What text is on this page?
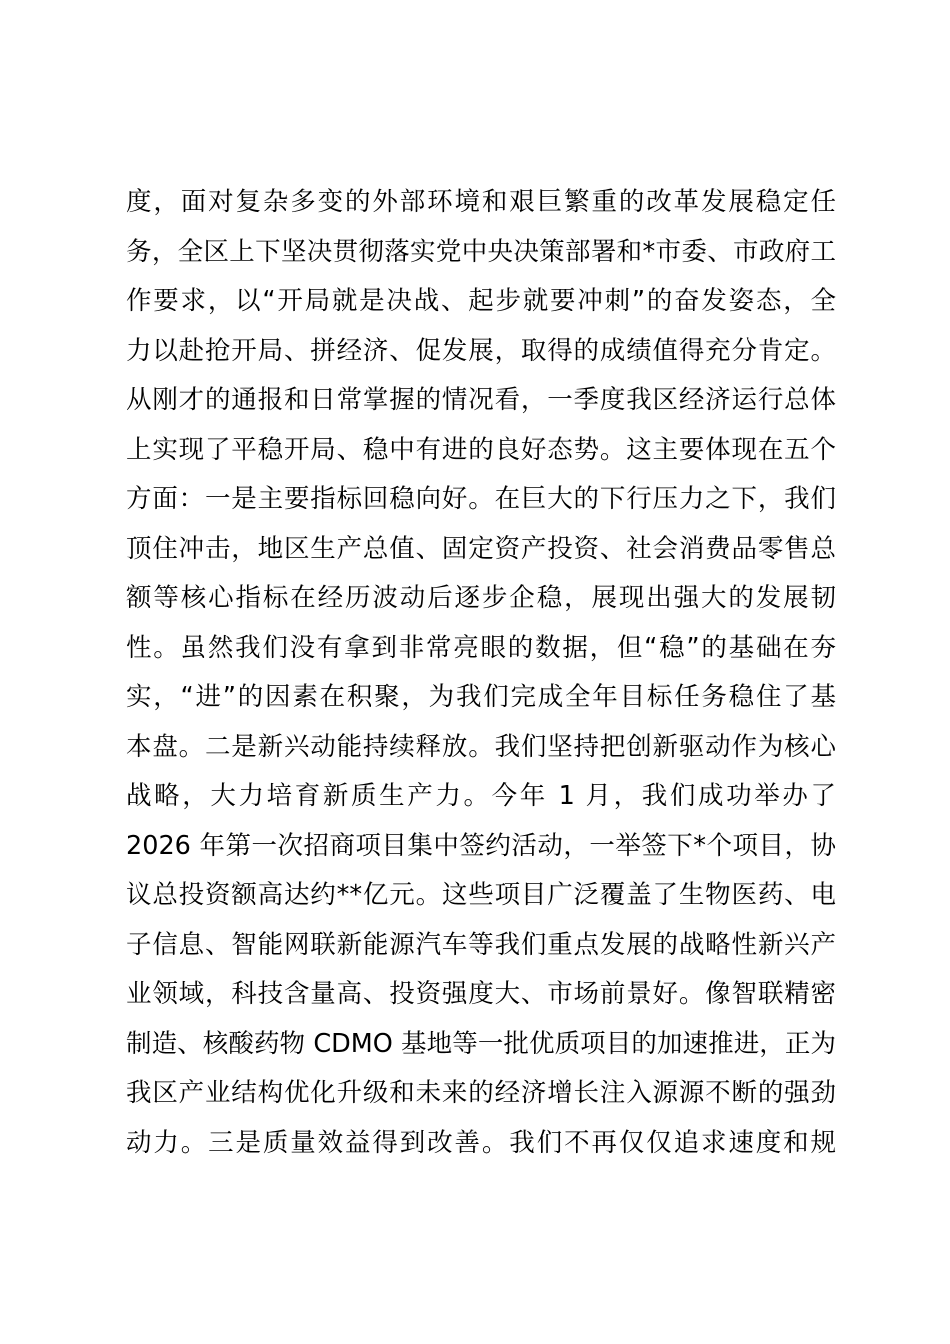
度，面对复杂多变的外部环境和艰巨繁重的改革发展稳定任
务，全区上下坚决贯彻落实党中央决策部署和*市委、市政府工
作要求，以“开局就是决战、起步就要冲刺”的奋发姿态，全
力以赴抢开局、拼经济、促发展，取得的成绩值得充分肯定。
从刚才的通报和日常掌握的情况看，一季度我区经济运行总体
上实现了平稳开局、稳中有进的良好态势。这主要体现在五个
方面：一是主要指标回稳向好。在巨大的下行压力之下，我们
顶住冲击，地区生产总值、固定资产投资、社会消费品零售总
额等核心指标在经历波动后逐步企稳，展现出强大的发展韧
性。虽然我们没有拿到非常亮眼的数据，但“稳”的基础在夯
实，“进”的因素在积聚，为我们完成全年目标任务稳住了基
本盘。二是新兴动能持续释放。我们坚持把创新驱动作为核心
战略，大力培育新质生产力。今年 1 月，我们成功举办了
2026 年第一次招商项目集中签约活动，一举签下*个项目，协
议总投资额高达约**亿元。这些项目广泛覆盖了生物医药、电
子信息、智能网联新能源汽车等我们重点发展的战略性新兴产
业领域，科技含量高、投资强度大、市场前景好。像智联精密
制造、核酸药物 CDMO 基地等一批优质项目的加速推进，正为
我区产业结构优化升级和未来的经济增长注入源源不断的强劲
动力。三是质量效益得到改善。我们不再仅仅追求速度和规
